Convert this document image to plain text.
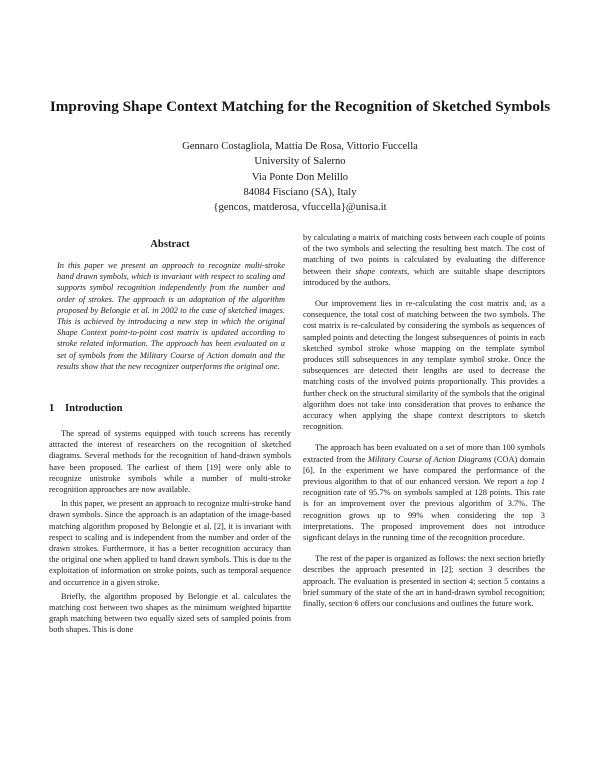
Improving Shape Context Matching for the Recognition of Sketched Symbols
Gennaro Costagliola, Mattia De Rosa, Vittorio Fuccella
University of Salerno
Via Ponte Don Melillo
84084 Fisciano (SA), Italy
{gencos, matderosa, vfuccella}@unisa.it
Abstract

In this paper we present an approach to recognize multi-stroke hand drawn symbols, which is invariant with respect to scaling and supports symbol recognition independently from the number and order of strokes. The approach is an adaptation of the algorithm proposed by Belongie et al. in 2002 to the case of sketched images. This is achieved by introducing a new step in which the original Shape Context point-to-point cost matrix is updated according to stroke related information. The approach has been evaluated on a set of symbols from the Military Course of Action domain and the results show that the new recognizer outperforms the original one.

1 Introduction

The spread of systems equipped with touch screens has recently attracted the interest of researchers on the recognition of sketched diagrams. Several methods for the recognition of hand-drawn symbols have been proposed. The earliest of them [19] were only able to recognize unistroke symbols while a number of multi-stroke recognition approaches are now available.

In this paper, we present an approach to recognize multi-stroke hand drawn symbols. Since the approach is an adaptation of the image-based matching algorithm proposed by Belongie et al. [2], it is invariant with respect to scaling and is independent from the number and order of the drawn strokes. Furthermore, it has a better recognition accuracy than the original one when applied to hand drawn symbols. This is due to the exploitation of information on stroke points, such as temporal sequence and occurrence in a given stroke.

Briefly, the algorithm proposed by Belongie et al. calculates the matching cost between two shapes as the minimum weighted bipartite graph matching between two equally sized sets of sampled points from both shapes. This is done

by calculating a matrix of matching costs between each couple of points of the two symbols and selecting the resulting best match. The cost of matching of two points is calculated by evaluating the difference between their shape contexts, which are suitable shape descriptors introduced by the authors.

Our improvement lies in re-calculating the cost matrix and, as a consequence, the total cost of matching between the two symbols. The cost matrix is re-calculated by considering the symbols as sequences of sampled points and detecting the longest subsequences of points in each sketched symbol stroke whose mapping on the template symbol produces still subsequences in any template symbol stroke. Once the subsequences are detected their lengths are used to decrease the matching costs of the involved points proportionally. This provides a further check on the structural similarity of the symbols that the original algorithm does not take into consideration that proves to enhance the accuracy when applying the shape context descriptors to sketch recognition.

The approach has been evaluated on a set of more than 100 symbols extracted from the Military Course of Action Diagrams (COA) domain [6]. In the experiment we have compared the performance of the previous algorithm to that of our enhanced version. We report a top 1 recognition rate of 95.7% on symbols sampled at 128 points. This rate is for an improvement over the previous algorithm of 3.7%. The recognition grows up to 99% when considering the top 3 interpretations. The proposed improvement does not introduce signficant delays in the running time of the recognition procedure.

The rest of the paper is organized as follows: the next section briefly describes the approach presented in [2]; section 3 describes the approach. The evaluation is presented in section 4; section 5 contains a brief summary of the state of the art in hand-drawn symbol recognition; finally, section 6 offers our conclusions and outlines the future work.
